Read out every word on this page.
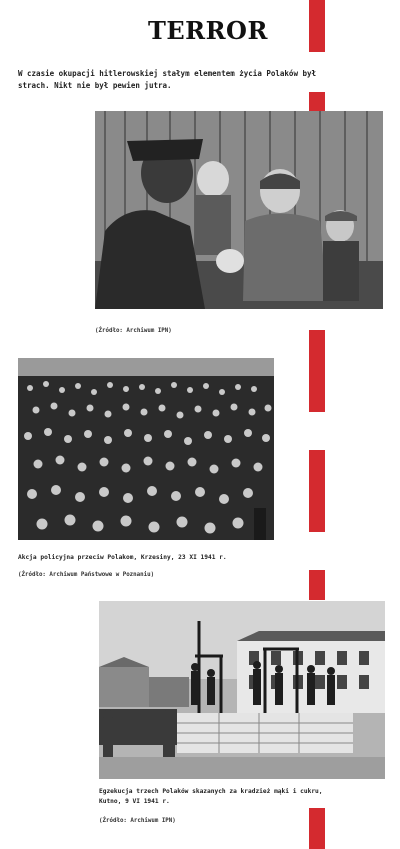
TERROR
W czasie okupacji hitlerowskiej stałym elementem życia Polaków był strach. Nikt nie był pewien jutra.
(Źródło: Archiwum IPN)
Akcja policyjna przeciw Polakom, Krzesiny, 23 XI 1941 r.
(Źródło: Archiwum Państwowe w Poznaniu)
Egzekucja trzech Polaków skazanych za kradzież mąki i cukru,
Kutno, 9 VI 1941 r.
(Źródło: Archiwum IPN)
